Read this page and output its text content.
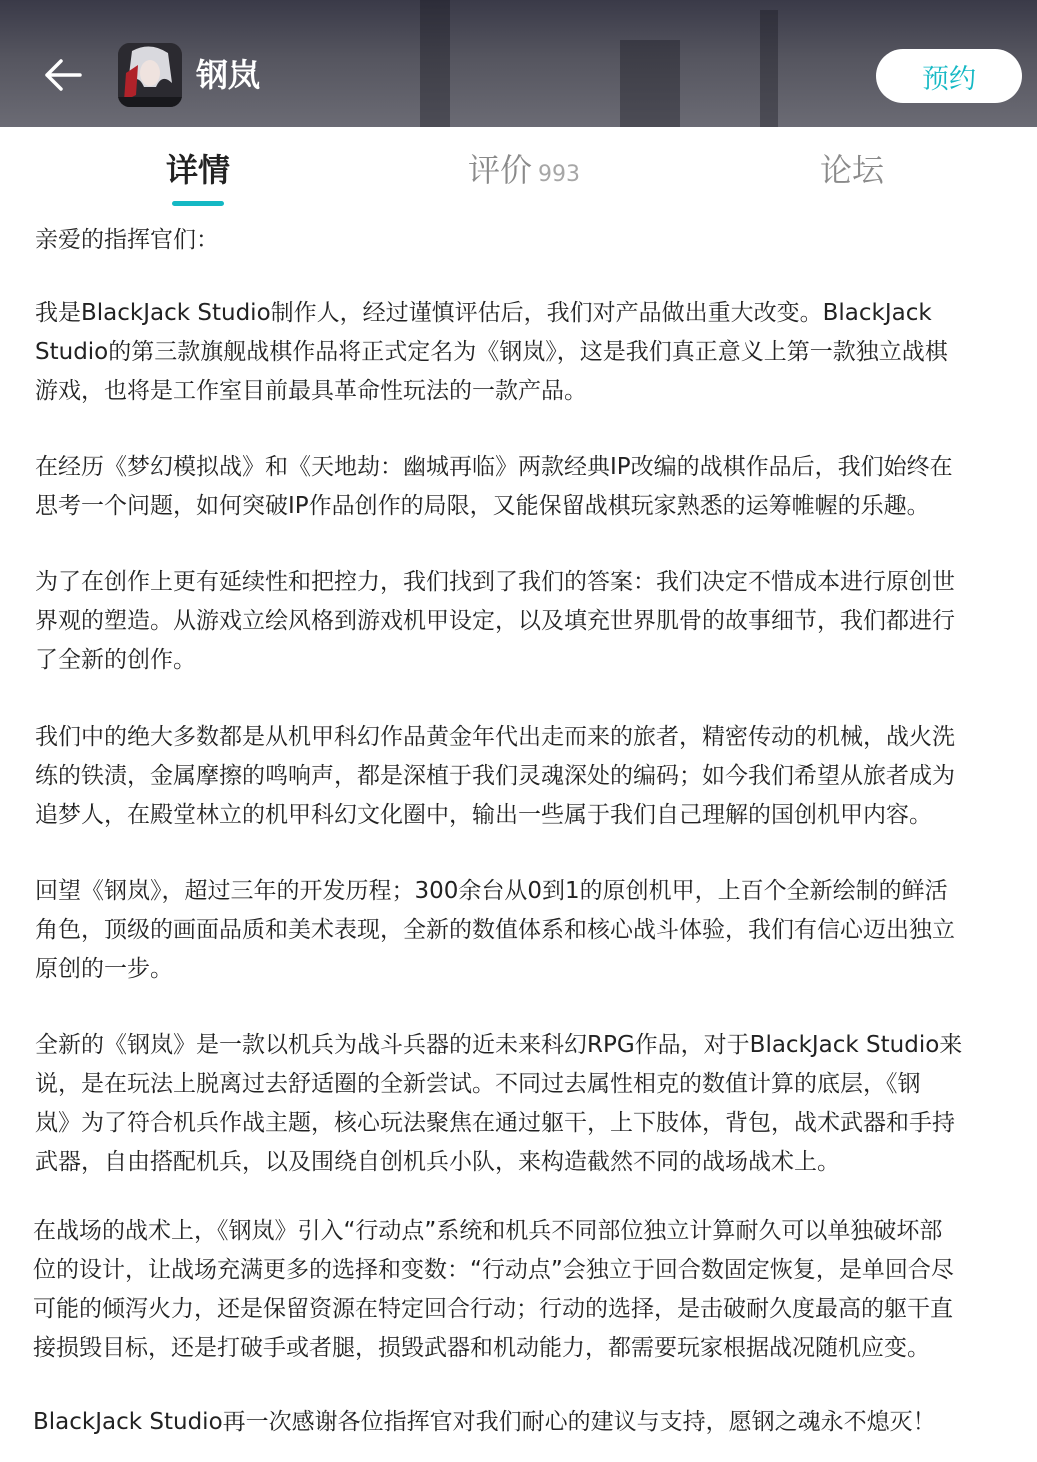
钢岚	预约
详情	评价 993	论坛
亲爱的指挥官们：
我是BlackJack Studio制作人，经过谨慎评估后，我们对产品做出重大改变。BlackJack
Studio的第三款旗舰战棋作品将正式定名为《钢岚》，这是我们真正意义上第一款独立战棋
游戏，也将是工作室目前最具革命性玩法的一款产品。
在经历《梦幻模拟战》和《天地劫：幽城再临》两款经典IP改编的战棋作品后，我们始终在
思考一个问题，如何突破IP作品创作的局限，又能保留战棋玩家熟悉的运筹帷幄的乐趣。
为了在创作上更有延续性和把控力，我们找到了我们的答案：我们决定不惜成本进行原创世
界观的塑造。从游戏立绘风格到游戏机甲设定，以及填充世界肌骨的故事细节，我们都进行
了全新的创作。
我们中的绝大多数都是从机甲科幻作品黄金年代出走而来的旅者，精密传动的机械，战火洗
练的铁渍，金属摩擦的鸣响声，都是深植于我们灵魂深处的编码；如今我们希望从旅者成为
追梦人，在殿堂林立的机甲科幻文化圈中，输出一些属于我们自己理解的国创机甲内容。
回望《钢岚》，超过三年的开发历程；300余台从0到1的原创机甲，上百个全新绘制的鲜活
角色，顶级的画面品质和美术表现，全新的数值体系和核心战斗体验，我们有信心迈出独立
原创的一步。
全新的《钢岚》是一款以机兵为战斗兵器的近未来科幻RPG作品，对于BlackJack Studio来
说，是在玩法上脱离过去舒适圈的全新尝试。不同过去属性相克的数值计算的底层，《钢
岚》为了符合机兵作战主题，核心玩法聚焦在通过躯干，上下肢体，背包，战术武器和手持
武器，自由搭配机兵，以及围绕自创机兵小队，来构造截然不同的战场战术上。
在战场的战术上，《钢岚》引入“行动点”系统和机兵不同部位独立计算耐久可以单独破坏部
位的设计，让战场充满更多的选择和变数：“行动点”会独立于回合数固定恢复，是单回合尽
可能的倾泻火力，还是保留资源在特定回合行动；行动的选择，是击破耐久度最高的躯干直
接损毁目标，还是打破手或者腿，损毁武器和机动能力，都需要玩家根据战况随机应变。
BlackJack Studio再一次感谢各位指挥官对我们耐心的建议与支持，愿钢之魂永不熄灭！
